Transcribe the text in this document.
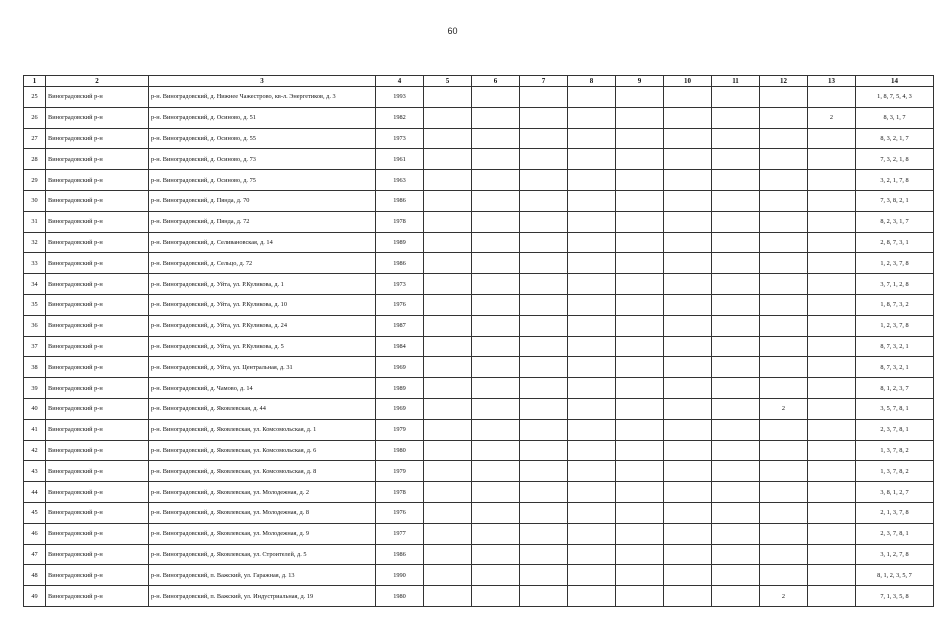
60
1	2	3	4	5	6	7	8	9	10	11	12	13	14
25	Виноградовский р-н	р-н. Виноградовский, д. Нижнее Чажестрово, кв-л. Энергетиков, д. 3	1993										1, 8, 7, 5, 4, 3
26	Виноградовский р-н	р-н. Виноградовский, д. Осиново, д. 51	1982									2	8, 3, 1, 7
27	Виноградовский р-н	р-н. Виноградовский, д. Осиново, д. 55	1973										8, 3, 2, 1, 7
28	Виноградовский р-н	р-н. Виноградовский, д. Осиново, д. 73	1961										7, 3, 2, 1, 8
29	Виноградовский р-н	р-н. Виноградовский, д. Осиново, д. 75	1963										3, 2, 1, 7, 8
30	Виноградовский р-н	р-н. Виноградовский, д. Пянда, д. 70	1986										7, 3, 8, 2, 1
31	Виноградовский р-н	р-н. Виноградовский, д. Пянда, д. 72	1978										8, 2, 3, 1, 7
32	Виноградовский р-н	р-н. Виноградовский, д. Селивановская, д. 14	1989										2, 8, 7, 3, 1
33	Виноградовский р-н	р-н. Виноградовский, д. Сельцо, д. 72	1986										1, 2, 3, 7, 8
34	Виноградовский р-н	р-н. Виноградовский, д. Уйта, ул. Р.Куликова, д. 1	1973										3, 7, 1, 2, 8
35	Виноградовский р-н	р-н. Виноградовский, д. Уйта, ул. Р.Куликова, д. 10	1976										1, 8, 7, 3, 2
36	Виноградовский р-н	р-н. Виноградовский, д. Уйта, ул. Р.Куликова, д. 24	1987										1, 2, 3, 7, 8
37	Виноградовский р-н	р-н. Виноградовский, д. Уйта, ул. Р.Куликова, д. 5	1984										8, 7, 3, 2, 1
38	Виноградовский р-н	р-н. Виноградовский, д. Уйта, ул. Центральная, д. 31	1969										8, 7, 3, 2, 1
39	Виноградовский р-н	р-н. Виноградовский, д. Чамово, д. 14	1989										8, 1, 2, 3, 7
40	Виноградовский р-н	р-н. Виноградовский, д. Яковлевская, д. 44	1969								2		3, 5, 7, 8, 1
41	Виноградовский р-н	р-н. Виноградовский, д. Яковлевская, ул. Комсомольская, д. 1	1979										2, 3, 7, 8, 1
42	Виноградовский р-н	р-н. Виноградовский, д. Яковлевская, ул. Комсомольская, д. 6	1980										1, 3, 7, 8, 2
43	Виноградовский р-н	р-н. Виноградовский, д. Яковлевская, ул. Комсомольская, д. 8	1979										1, 3, 7, 8, 2
44	Виноградовский р-н	р-н. Виноградовский, д. Яковлевская, ул. Молодежная, д. 2	1978										3, 8, 1, 2, 7
45	Виноградовский р-н	р-н. Виноградовский, д. Яковлевская, ул. Молодежная, д. 8	1976										2, 1, 3, 7, 8
46	Виноградовский р-н	р-н. Виноградовский, д. Яковлевская, ул. Молодежная, д. 9	1977										2, 3, 7, 8, 1
47	Виноградовский р-н	р-н. Виноградовский, д. Яковлевская, ул. Строителей, д. 5	1986										3, 1, 2, 7, 8
48	Виноградовский р-н	р-н. Виноградовский, п. Важский, ул. Гаражная, д. 13	1990										8, 1, 2, 3, 5, 7
49	Виноградовский р-н	р-н. Виноградовский, п. Важский, ул. Индустриальная, д. 19	1980								2		7, 1, 3, 5, 8
